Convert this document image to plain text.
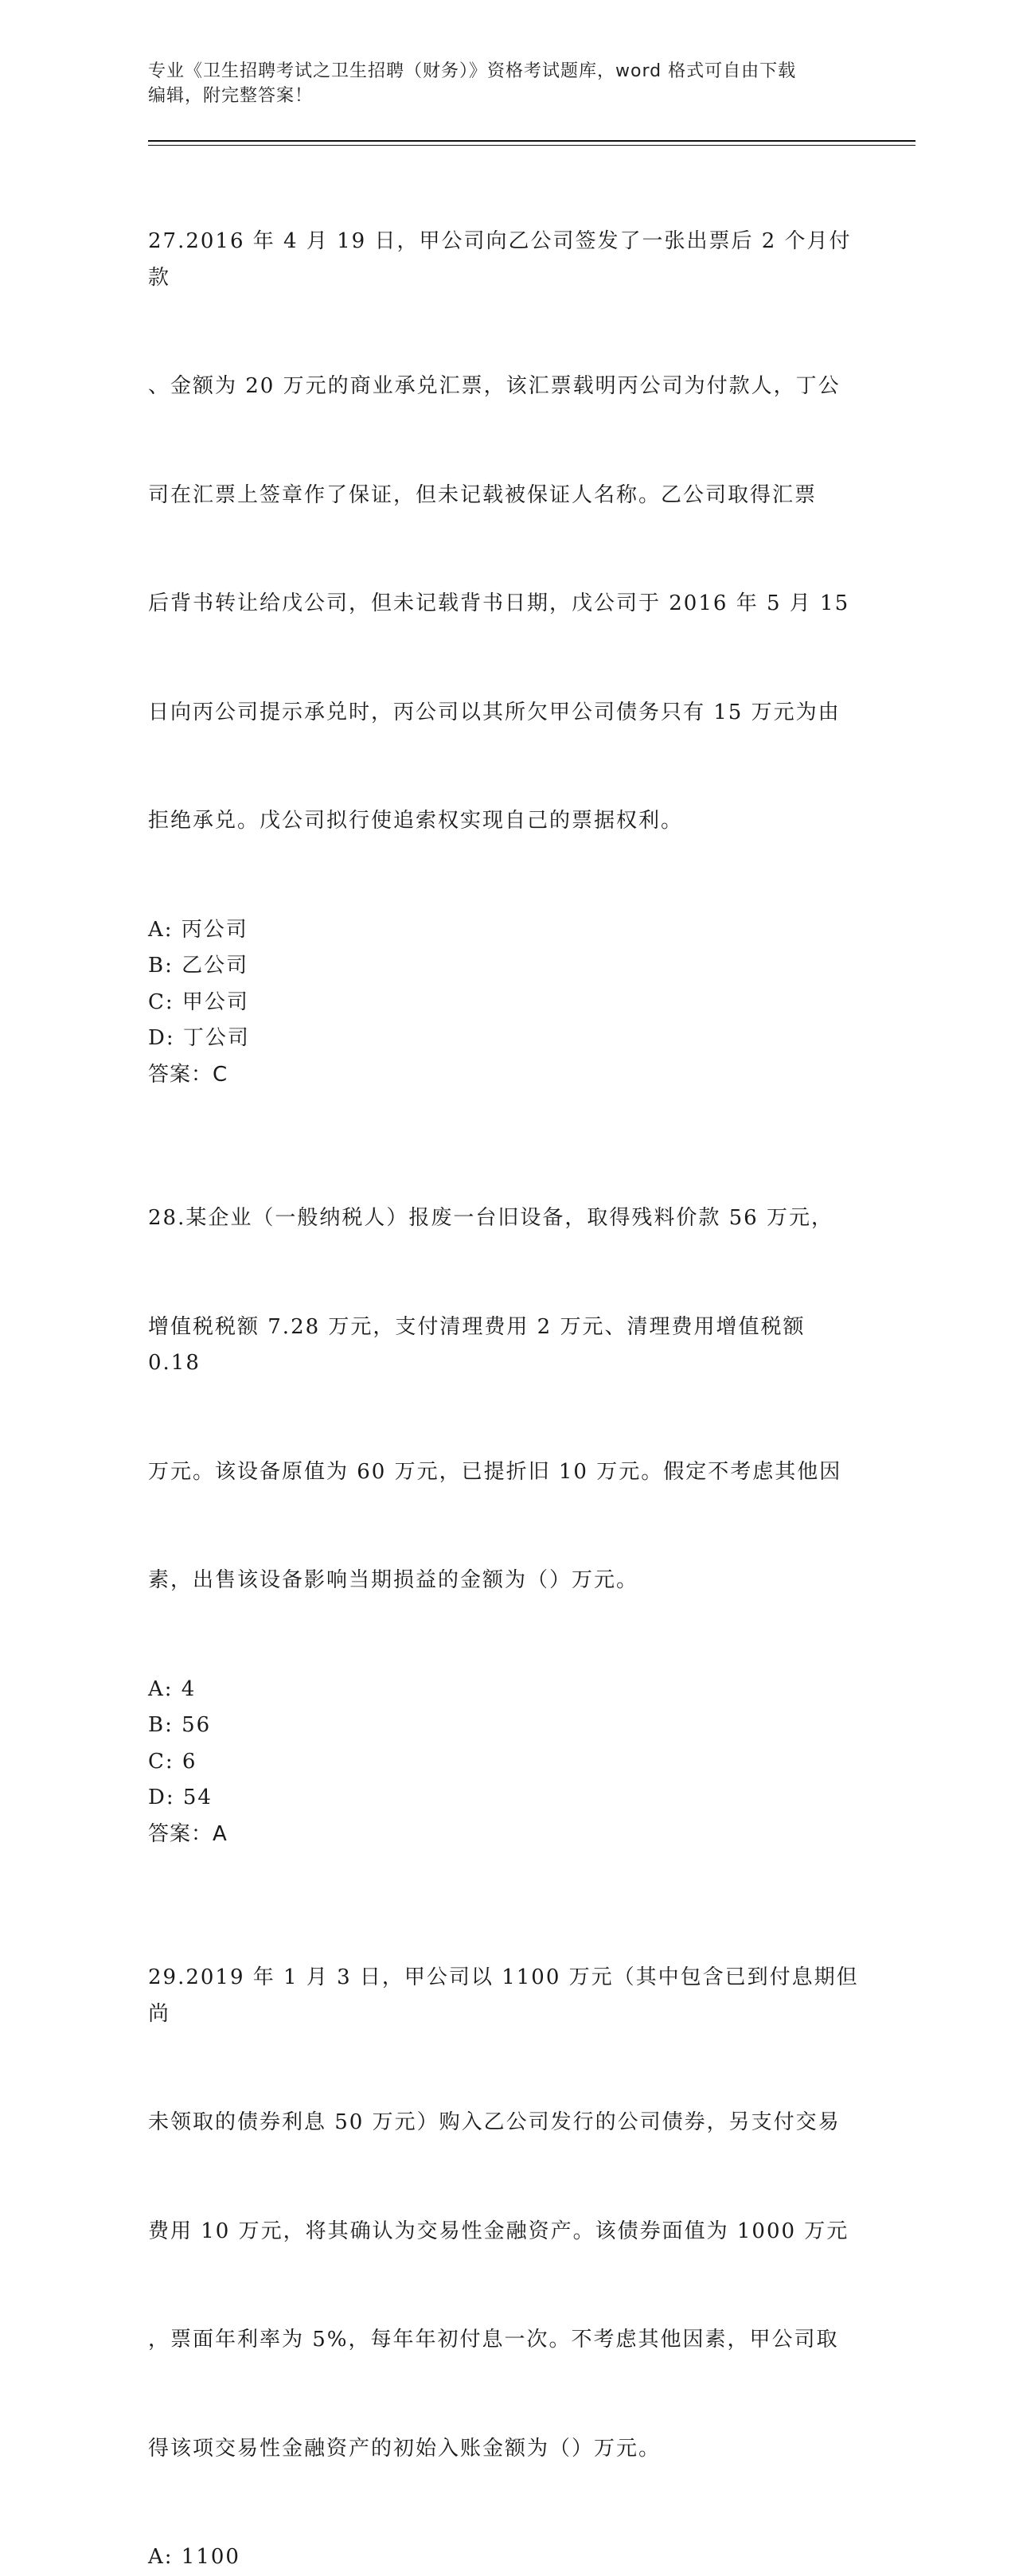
专业《卫生招聘考试之卫生招聘（财务）》资格考试题库，word 格式可自由下载
编辑，附完整答案！

27.2016 年 4 月 19 日，甲公司向乙公司签发了一张出票后 2 个月付款

、金额为 20 万元的商业承兑汇票，该汇票载明丙公司为付款人，丁公

司在汇票上签章作了保证，但未记载被保证人名称。乙公司取得汇票

后背书转让给戊公司，但未记载背书日期，戊公司于 2016 年 5 月 15

日向丙公司提示承兑时，丙公司以其所欠甲公司债务只有 15 万元为由

拒绝承兑。戊公司拟行使追索权实现自己的票据权利。

A: 丙公司
B: 乙公司
C: 甲公司
D: 丁公司
答案：C

28.某企业（一般纳税人）报废一台旧设备，取得残料价款 56 万元，

增值税税额 7.28 万元，支付清理费用 2 万元、清理费用增值税额 0.18

万元。该设备原值为 60 万元，已提折旧 10 万元。假定不考虑其他因

素，出售该设备影响当期损益的金额为（）万元。

A: 4
B: 56
C: 6
D: 54
答案：A

29.2019 年 1 月 3 日，甲公司以 1100 万元（其中包含已到付息期但尚

未领取的债券利息 50 万元）购入乙公司发行的公司债券，另支付交易

费用 10 万元，将其确认为交易性金融资产。该债券面值为 1000 万元

，票面年利率为 5%，每年年初付息一次。不考虑其他因素，甲公司取

得该项交易性金融资产的初始入账金额为（）万元。

A: 1100
